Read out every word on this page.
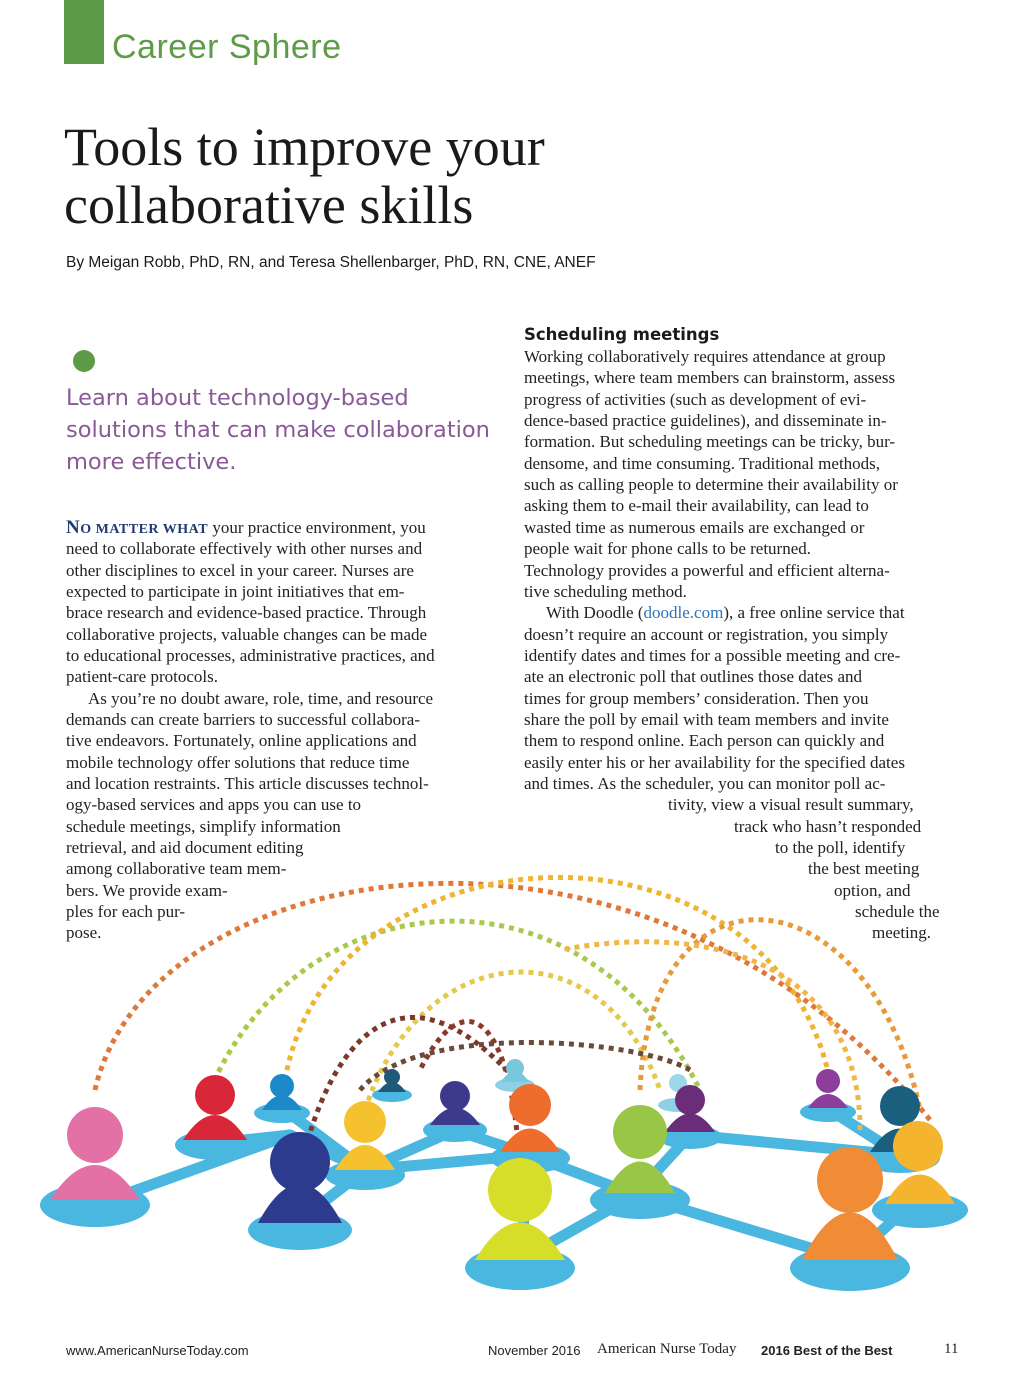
Career Sphere
Tools to improve your
collaborative skills
By Meigan Robb, PhD, RN, and Teresa Shellenbarger, PhD, RN, CNE, ANEF
Learn about technology-based
solutions that can make collaboration
more effective.
NO MATTER WHAT your practice environment, you
need to collaborate effectively with other nurses and
other disciplines to excel in your career. Nurses are
expected to participate in joint initiatives that em-
brace research and evidence-based practice. Through
collaborative projects, valuable changes can be made
to educational processes, administrative practices, and
patient-care protocols.
As you’re no doubt aware, role, time, and resource
demands can create barriers to successful collabora-
tive endeavors. Fortunately, online applications and
mobile technology offer solutions that reduce time
and location restraints. This article discusses technol-
ogy-based services and apps you can use to
schedule meetings, simplify information
retrieval, and aid document editing
among collaborative team mem-
bers. We provide exam-
ples for each pur-
pose.
Scheduling meetings
Working collaboratively requires attendance at group
meetings, where team members can brainstorm, assess
progress of activities (such as development of evi-
dence-based practice guidelines), and disseminate in-
formation. But scheduling meetings can be tricky, bur-
densome, and time consuming. Traditional methods,
such as calling people to determine their availability or
asking them to e-mail their availability, can lead to
wasted time as numerous emails are exchanged or
people wait for phone calls to be returned.
Technology provides a powerful and efficient alterna-
tive scheduling method.
With Doodle (doodle.com), a free online service that
doesn’t require an account or registration, you simply
identify dates and times for a possible meeting and cre-
ate an electronic poll that outlines those dates and
times for group members’ consideration. Then you
share the poll by email with team members and invite
them to respond online. Each person can quickly and
easily enter his or her availability for the specified dates
and times. As the scheduler, you can monitor poll ac-
tivity, view a visual result summary,
track who hasn’t responded
to the poll, identify
the best meeting
option, and
schedule the
meeting.
www.AmericanNurseToday.com	November 2016 American Nurse Today 2016 Best of the Best	11
